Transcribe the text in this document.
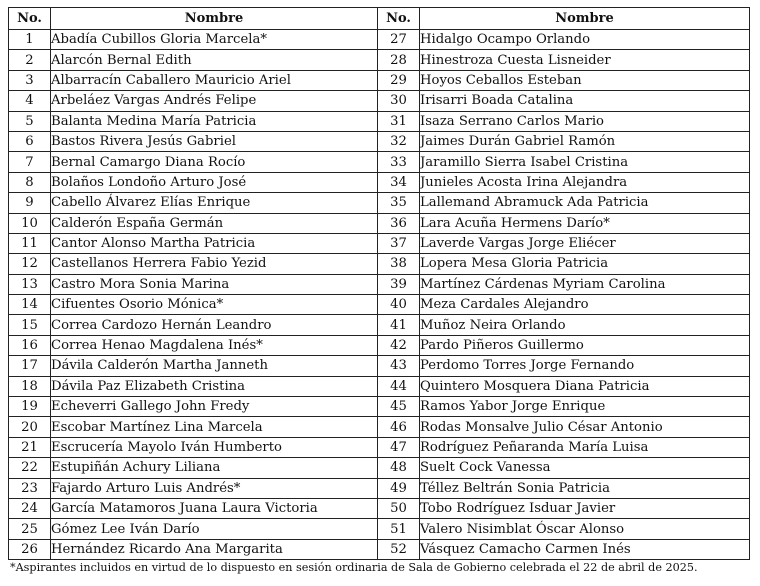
No.	Nombre	No.	Nombre
1	Abadía Cubillos Gloria Marcela*	27	Hidalgo Ocampo Orlando
2	Alarcón Bernal Edith	28	Hinestroza Cuesta Lisneider
3	Albarracín Caballero Mauricio Ariel	29	Hoyos Ceballos Esteban
4	Arbeláez Vargas Andrés Felipe	30	Irisarri Boada Catalina
5	Balanta Medina María Patricia	31	Isaza Serrano Carlos Mario
6	Bastos Rivera Jesús Gabriel	32	Jaimes Durán Gabriel Ramón
7	Bernal Camargo Diana Rocío	33	Jaramillo Sierra Isabel Cristina
8	Bolaños Londoño Arturo José	34	Junieles Acosta Irina Alejandra
9	Cabello Álvarez Elías Enrique	35	Lallemand Abramuck Ada Patricia
10	Calderón España Germán	36	Lara Acuña Hermens Darío*
11	Cantor Alonso Martha Patricia	37	Laverde Vargas Jorge Eliécer
12	Castellanos Herrera Fabio Yezid	38	Lopera Mesa Gloria Patricia
13	Castro Mora Sonia Marina	39	Martínez Cárdenas Myriam Carolina
14	Cifuentes Osorio Mónica*	40	Meza Cardales Alejandro
15	Correa Cardozo Hernán Leandro	41	Muñoz Neira Orlando
16	Correa Henao Magdalena Inés*	42	Pardo Piñeros Guillermo
17	Dávila Calderón Martha Janneth	43	Perdomo Torres Jorge Fernando
18	Dávila Paz Elizabeth Cristina	44	Quintero Mosquera Diana Patricia
19	Echeverri Gallego John Fredy	45	Ramos Yabor Jorge Enrique
20	Escobar Martínez Lina Marcela	46	Rodas Monsalve Julio César Antonio
21	Escrucería Mayolo Iván Humberto	47	Rodríguez Peñaranda María Luisa
22	Estupiñán Achury Liliana	48	Suelt Cock Vanessa
23	Fajardo Arturo Luis Andrés*	49	Téllez Beltrán Sonia Patricia
24	García Matamoros Juana Laura Victoria	50	Tobo Rodríguez Isduar Javier
25	Gómez Lee Iván Darío	51	Valero Nisimblat Óscar Alonso
26	Hernández Ricardo Ana Margarita	52	Vásquez Camacho Carmen Inés
*Aspirantes incluidos en virtud de lo dispuesto en sesión ordinaria de Sala de Gobierno celebrada el 22 de abril de 2025.
